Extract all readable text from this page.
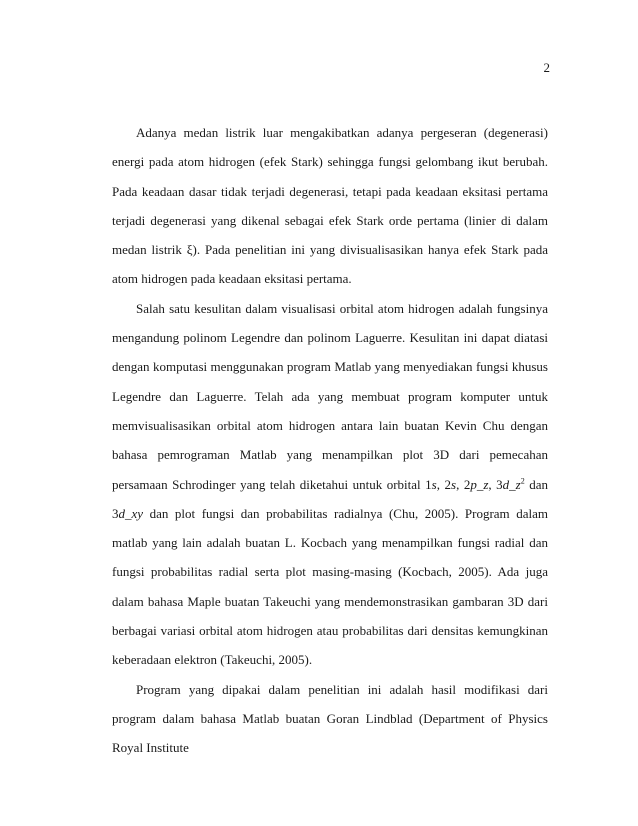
2

Adanya medan listrik luar mengakibatkan adanya pergeseran (degenerasi) energi pada atom hidrogen (efek Stark) sehingga fungsi gelombang ikut berubah. Pada keadaan dasar tidak terjadi degenerasi, tetapi pada keadaan eksitasi pertama terjadi degenerasi yang dikenal sebagai efek Stark orde pertama (linier di dalam medan listrik ξ). Pada penelitian ini yang divisualisasikan hanya efek Stark pada atom hidrogen pada keadaan eksitasi pertama.

Salah satu kesulitan dalam visualisasi orbital atom hidrogen adalah fungsinya mengandung polinom Legendre dan polinom Laguerre. Kesulitan ini dapat diatasi dengan komputasi menggunakan program Matlab yang menyediakan fungsi khusus Legendre dan Laguerre. Telah ada yang membuat program komputer untuk memvisualisasikan orbital atom hidrogen antara lain buatan Kevin Chu dengan bahasa pemrograman Matlab yang menampilkan plot 3D dari pemecahan persamaan Schrodinger yang telah diketahui untuk orbital 1s, 2s, 2p_z, $3d\_z^2$ dan 3d_xy dan plot fungsi dan probabilitas radialnya (Chu, 2005). Program dalam matlab yang lain adalah buatan L. Kocbach yang menampilkan fungsi radial dan fungsi probabilitas radial serta plot masing-masing (Kocbach, 2005). Ada juga dalam bahasa Maple buatan Takeuchi yang mendemonstrasikan gambaran 3D dari berbagai variasi orbital atom hidrogen atau probabilitas dari densitas kemungkinan keberadaan elektron (Takeuchi, 2005).

Program yang dipakai dalam penelitian ini adalah hasil modifikasi dari program dalam bahasa Matlab buatan Goran Lindblad (Department of Physics Royal Institute
